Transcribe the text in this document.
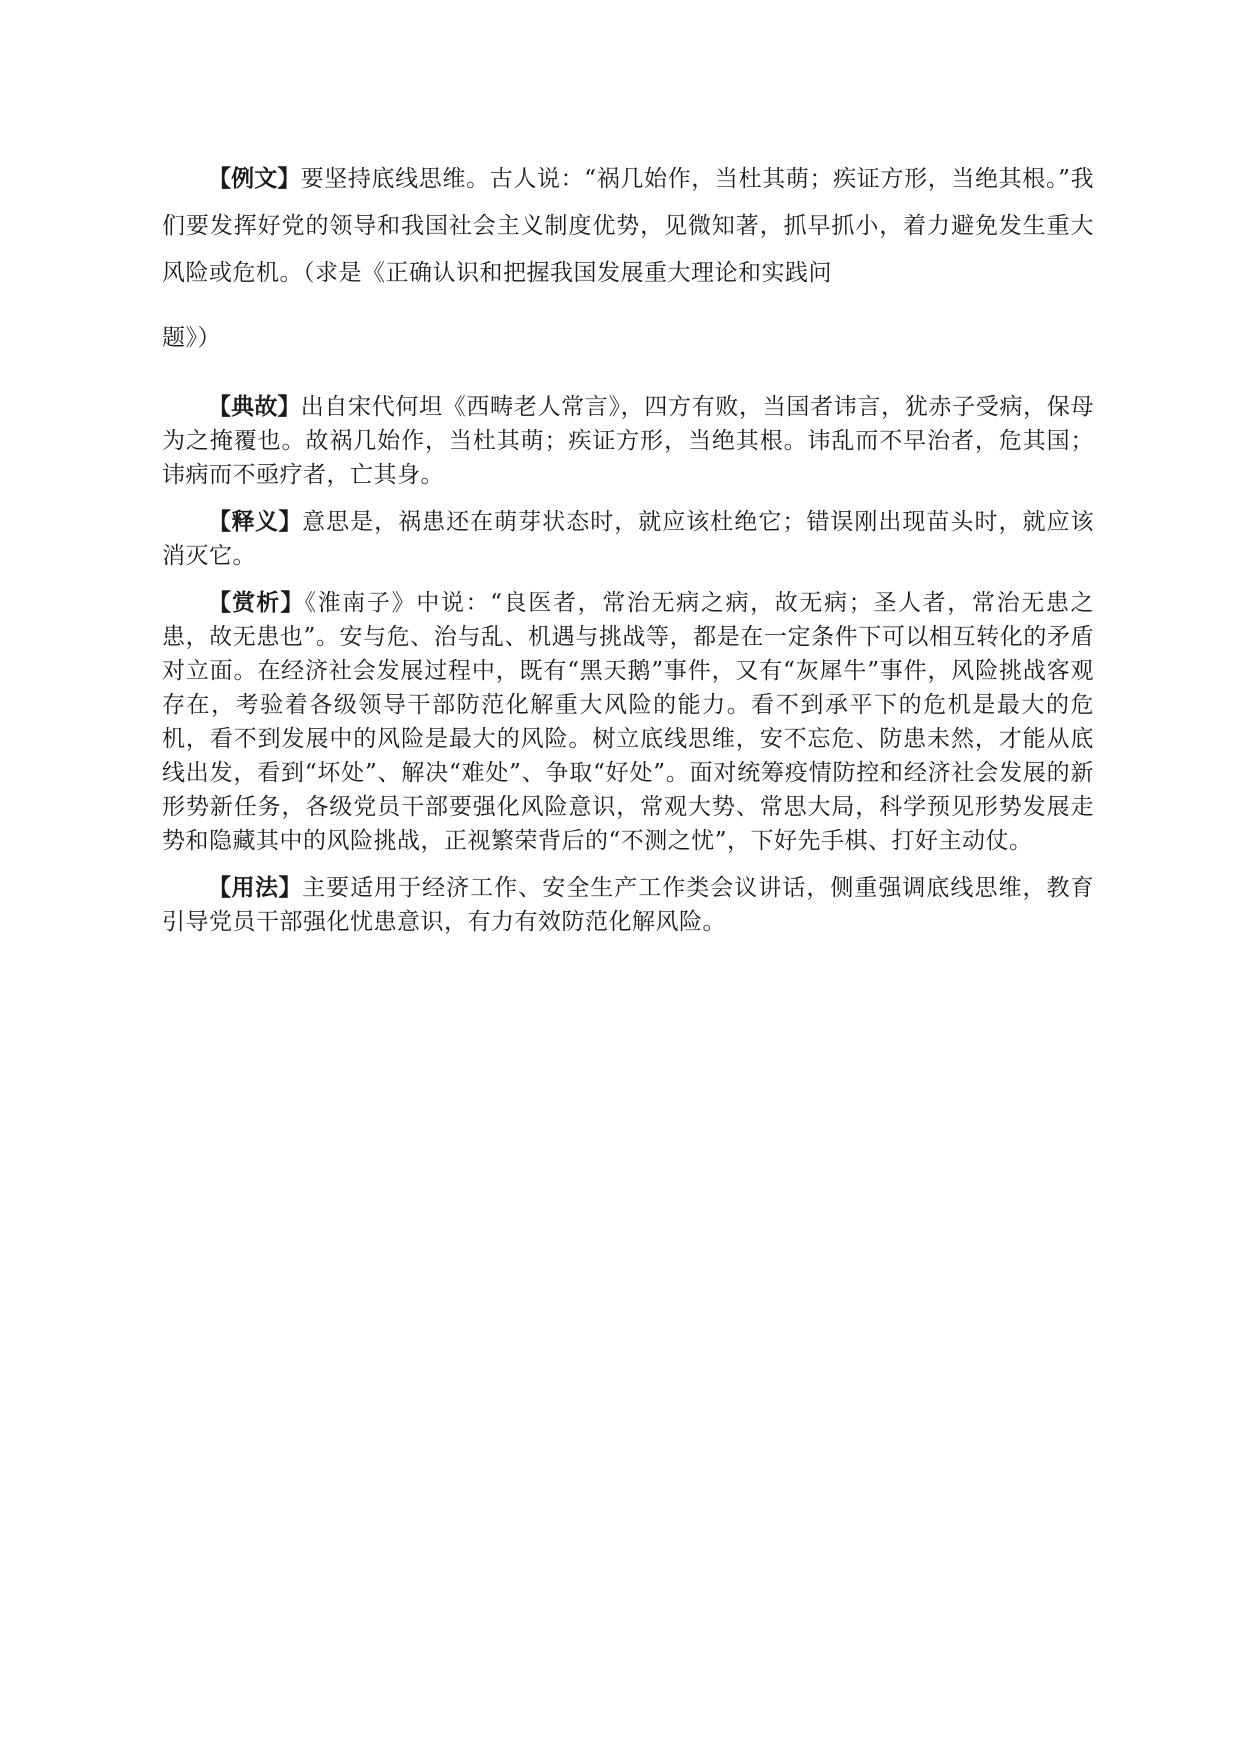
【例文】要坚持底线思维。古人说：“祸几始作，当杜其萌；疾证方形，当绝其根。”我们要发挥好党的领导和我国社会主义制度优势，见微知著，抓早抓小，着力避免发生重大风险或危机。（求是《正确认识和把握我国发展重大理论和实践问
题》）

【典故】出自宋代何坦《西畴老人常言》，四方有败，当国者讳言，犹赤子受病，保母为之掩覆也。故祸几始作，当杜其萌；疾证方形，当绝其根。讳乱而不早治者，危其国；讳病而不亟疗者，亡其身。

【释义】意思是，祸患还在萌芽状态时，就应该杜绝它；错误刚出现苗头时，就应该消灭它。

【赏析】《淮南子》中说：“良医者，常治无病之病，故无病；圣人者，常治无患之患，故无患也”。安与危、治与乱、机遇与挑战等，都是在一定条件下可以相互转化的矛盾对立面。在经济社会发展过程中，既有“黑天鹅”事件，又有“灰犀牛”事件，风险挑战客观存在，考验着各级领导干部防范化解重大风险的能力。看不到承平下的危机是最大的危机，看不到发展中的风险是最大的风险。树立底线思维，安不忘危、防患未然，才能从底线出发，看到“坏处”、解决“难处”、争取“好处”。面对统筹疫情防控和经济社会发展的新形势新任务，各级党员干部要强化风险意识，常观大势、常思大局，科学预见形势发展走势和隐藏其中的风险挑战，正视繁荣背后的“不测之忧”，下好先手棋、打好主动仗。

【用法】主要适用于经济工作、安全生产工作类会议讲话，侧重强调底线思维，教育引导党员干部强化忧患意识，有力有效防范化解风险。
